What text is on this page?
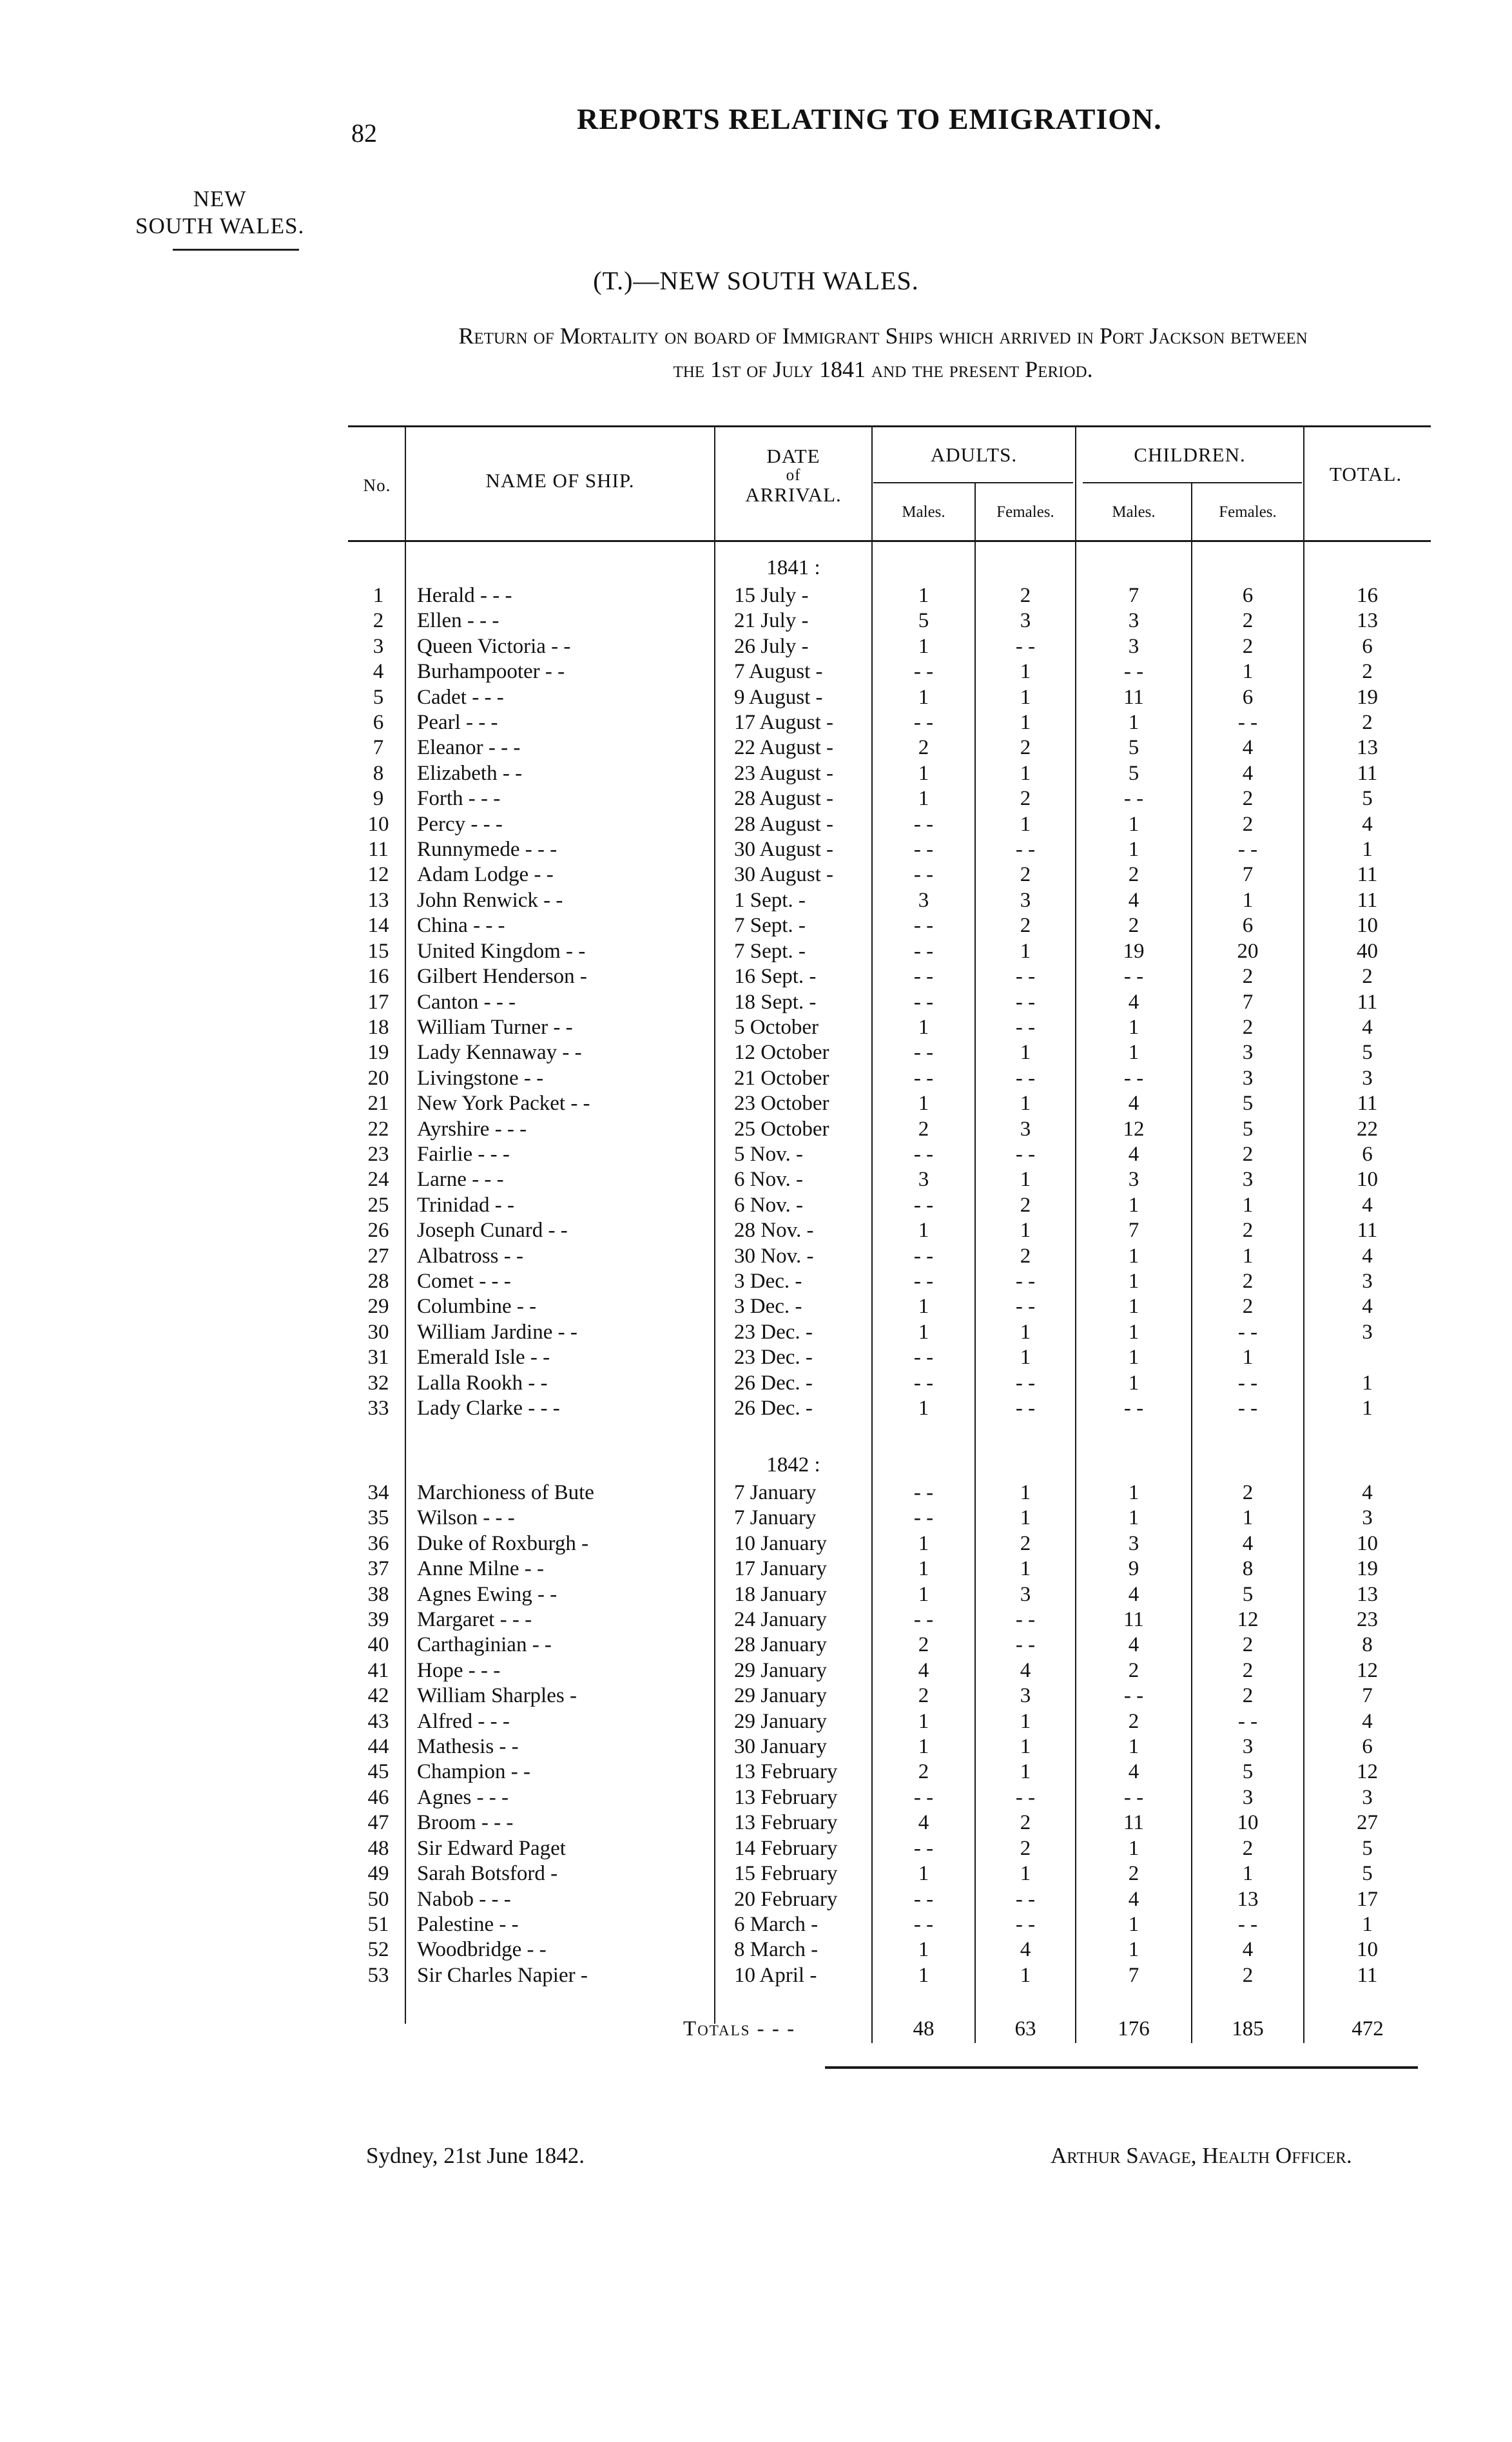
82	REPORTS RELATING TO EMIGRATION.
NEW
SOUTH WALES.
(T.)—NEW SOUTH WALES.
Return of Mortality on board of Immigrant Ships which arrived in Port Jackson between
the 1st of July 1841 and the present Period.
No.	NAME OF SHIP.
DATE
of
ARRIVAL.
ADULTS.	CHILDREN.
TOTAL.
Males.	Females.	Males.	Females.
1841 :
1	Herald - - -	15 July -	1	2	7	6	16
2	Ellen - - -	21 July -	5	3	3	2	13
3	Queen Victoria - -	26 July -	1	- -	3	2	6
4	Burhampooter - -	7 August -	- -	1	- -	1	2
5	Cadet - - -	9 August -	1	1	11	6	19
6	Pearl - - -	17 August -	- -	1	1	- -	2
7	Eleanor - - -	22 August -	2	2	5	4	13
8	Elizabeth - -	23 August -	1	1	5	4	11
9	Forth - - -	28 August -	1	2	- -	2	5
10	Percy - - -	28 August -	- -	1	1	2	4
11	Runnymede - - -	30 August -	- -	- -	1	- -	1
12	Adam Lodge - -	30 August -	- -	2	2	7	11
13	John Renwick - -	1 Sept. -	3	3	4	1	11
14	China - - -	7 Sept. -	- -	2	2	6	10
15	United Kingdom - -	7 Sept. -	- -	1	19	20	40
16	Gilbert Henderson -	16 Sept. -	- -	- -	- -	2	2
17	Canton - - -	18 Sept. -	- -	- -	4	7	11
18	William Turner - -	5 October	1	- -	1	2	4
19	Lady Kennaway - -	12 October	- -	1	1	3	5
20	Livingstone - -	21 October	- -	- -	- -	3	3
21	New York Packet - -	23 October	1	1	4	5	11
22	Ayrshire - - -	25 October	2	3	12	5	22
23	Fairlie - - -	5 Nov. -	- -	- -	4	2	6
24	Larne - - -	6 Nov. -	3	1	3	3	10
25	Trinidad - -	6 Nov. -	- -	2	1	1	4
26	Joseph Cunard - -	28 Nov. -	1	1	7	2	11
27	Albatross - -	30 Nov. -	- -	2	1	1	4
28	Comet - - -	3 Dec. -	- -	- -	1	2	3
29	Columbine - -	3 Dec. -	1	- -	1	2	4
30	William Jardine - -	23 Dec. -	1	1	1	- -	3
31	Emerald Isle - -	23 Dec. -	- -	1	1	1	
32	Lalla Rookh - -	26 Dec. -	- -	- -	1	- -	1
33	Lady Clarke - - -	26 Dec. -	1	- -	- -	- -	1
1842 :
34	Marchioness of Bute	7 January	- -	1	1	2	4
35	Wilson - - -	7 January	- -	1	1	1	3
36	Duke of Roxburgh -	10 January	1	2	3	4	10
37	Anne Milne - -	17 January	1	1	9	8	19
38	Agnes Ewing - -	18 January	1	3	4	5	13
39	Margaret - - -	24 January	- -	- -	11	12	23
40	Carthaginian - -	28 January	2	- -	4	2	8
41	Hope - - -	29 January	4	4	2	2	12
42	William Sharples -	29 January	2	3	- -	2	7
43	Alfred - - -	29 January	1	1	2	- -	4
44	Mathesis - -	30 January	1	1	1	3	6
45	Champion - -	13 February	2	1	4	5	12
46	Agnes - - -	13 February	- -	- -	- -	3	3
47	Broom - - -	13 February	4	2	11	10	27
48	Sir Edward Paget	14 February	- -	2	1	2	5
49	Sarah Botsford -	15 February	1	1	2	1	5
50	Nabob - - -	20 February	- -	- -	4	13	17
51	Palestine - -	6 March -	- -	- -	1	- -	1
52	Woodbridge - -	8 March -	1	4	1	4	10
53	Sir Charles Napier -	10 April -	1	1	7	2	11
Totals - - -	48	63	176	185	472
Sydney, 21st June 1842.	Arthur Savage, Health Officer.
